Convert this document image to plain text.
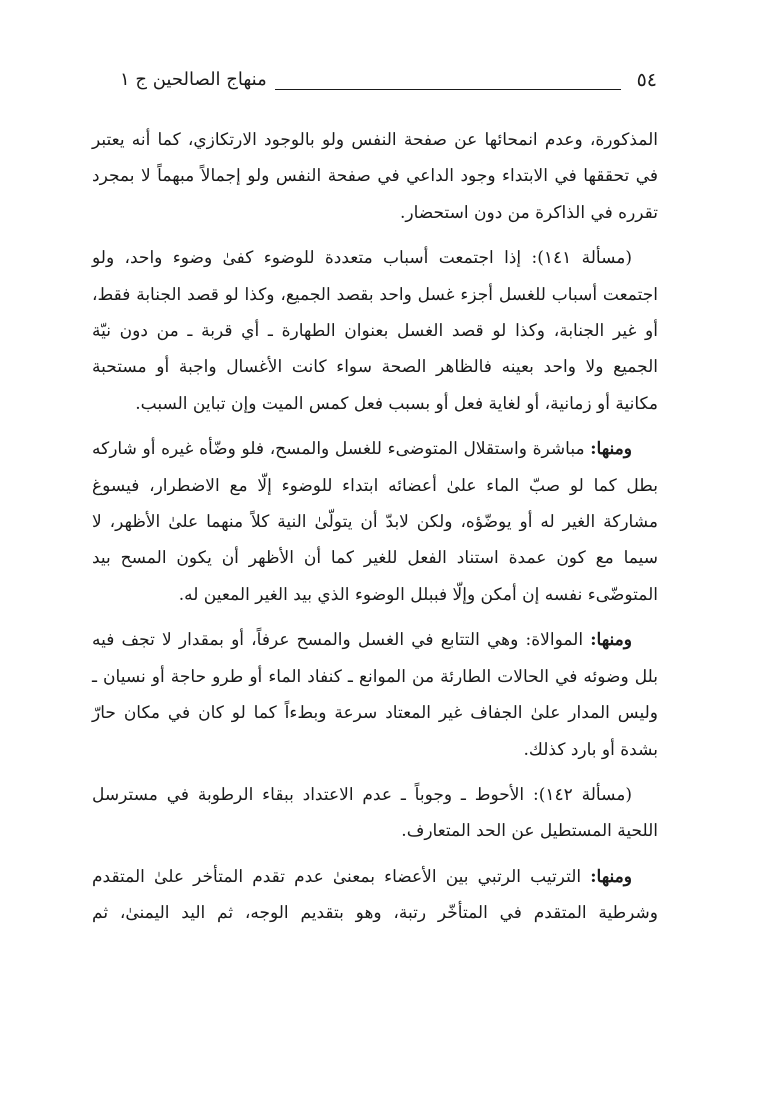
٥٤
منهاج الصالحين ج ١

المذكورة، وعدم انمحائها عن صفحة النفس ولو بالوجود الارتكازي، كما أنه يعتبر في تحققها في الابتداء وجود الداعي في صفحة النفس ولو إجمالاً مبهماً لا بمجرد تقرره في الذاكرة من دون استحضار.

(مسألة ١٤١): إذا اجتمعت أسباب متعددة للوضوء كفىٰ وضوء واحد، ولو اجتمعت أسباب للغسل أجزء غسل واحد بقصد الجميع، وكذا لو قصد الجنابة فقط، أو غير الجنابة، وكذا لو قصد الغسل بعنوان الطهارة ـ أي قربة ـ من دون نيّة الجميع ولا واحد بعينه فالظاهر الصحة سواء كانت الأغسال واجبة أو مستحبة مكانية أو زمانية، أو لغاية فعل أو بسبب فعل كمس الميت وإن تباين السبب.

ومنها: مباشرة واستقلال المتوضىء للغسل والمسح، فلو وضّأه غيره أو شاركه بطل كما لو صبّ الماء علىٰ أعضائه ابتداء للوضوء إلّا مع الاضطرار، فيسوغ مشاركة الغير له أو يوضّؤه، ولكن لابدّ أن يتولّىٰ النية كلاً منهما علىٰ الأظهر، لا سيما مع كون عمدة استناد الفعل للغير كما أن الأظهر أن يكون المسح بيد المتوضّىء نفسه إن أمكن وإلّا فببلل الوضوء الذي بيد الغير المعين له.

ومنها: الموالاة: وهي التتابع في الغسل والمسح عرفاً، أو بمقدار لا تجف فيه بلل وضوئه في الحالات الطارئة من الموانع ـ كنفاد الماء أو طرو حاجة أو نسيان ـ وليس المدار علىٰ الجفاف غير المعتاد سرعة وبطءاً كما لو كان في مكان حارّ بشدة أو بارد كذلك.

(مسألة ١٤٢): الأحوط ـ وجوباً ـ عدم الاعتداد ببقاء الرطوبة في مسترسل اللحية المستطيل عن الحد المتعارف.

ومنها: الترتيب الرتبي بين الأعضاء بمعنىٰ عدم تقدم المتأخر علىٰ المتقدم وشرطية المتقدم في المتأخّر رتبة، وهو بتقديم الوجه، ثم اليد اليمنىٰ، ثم
